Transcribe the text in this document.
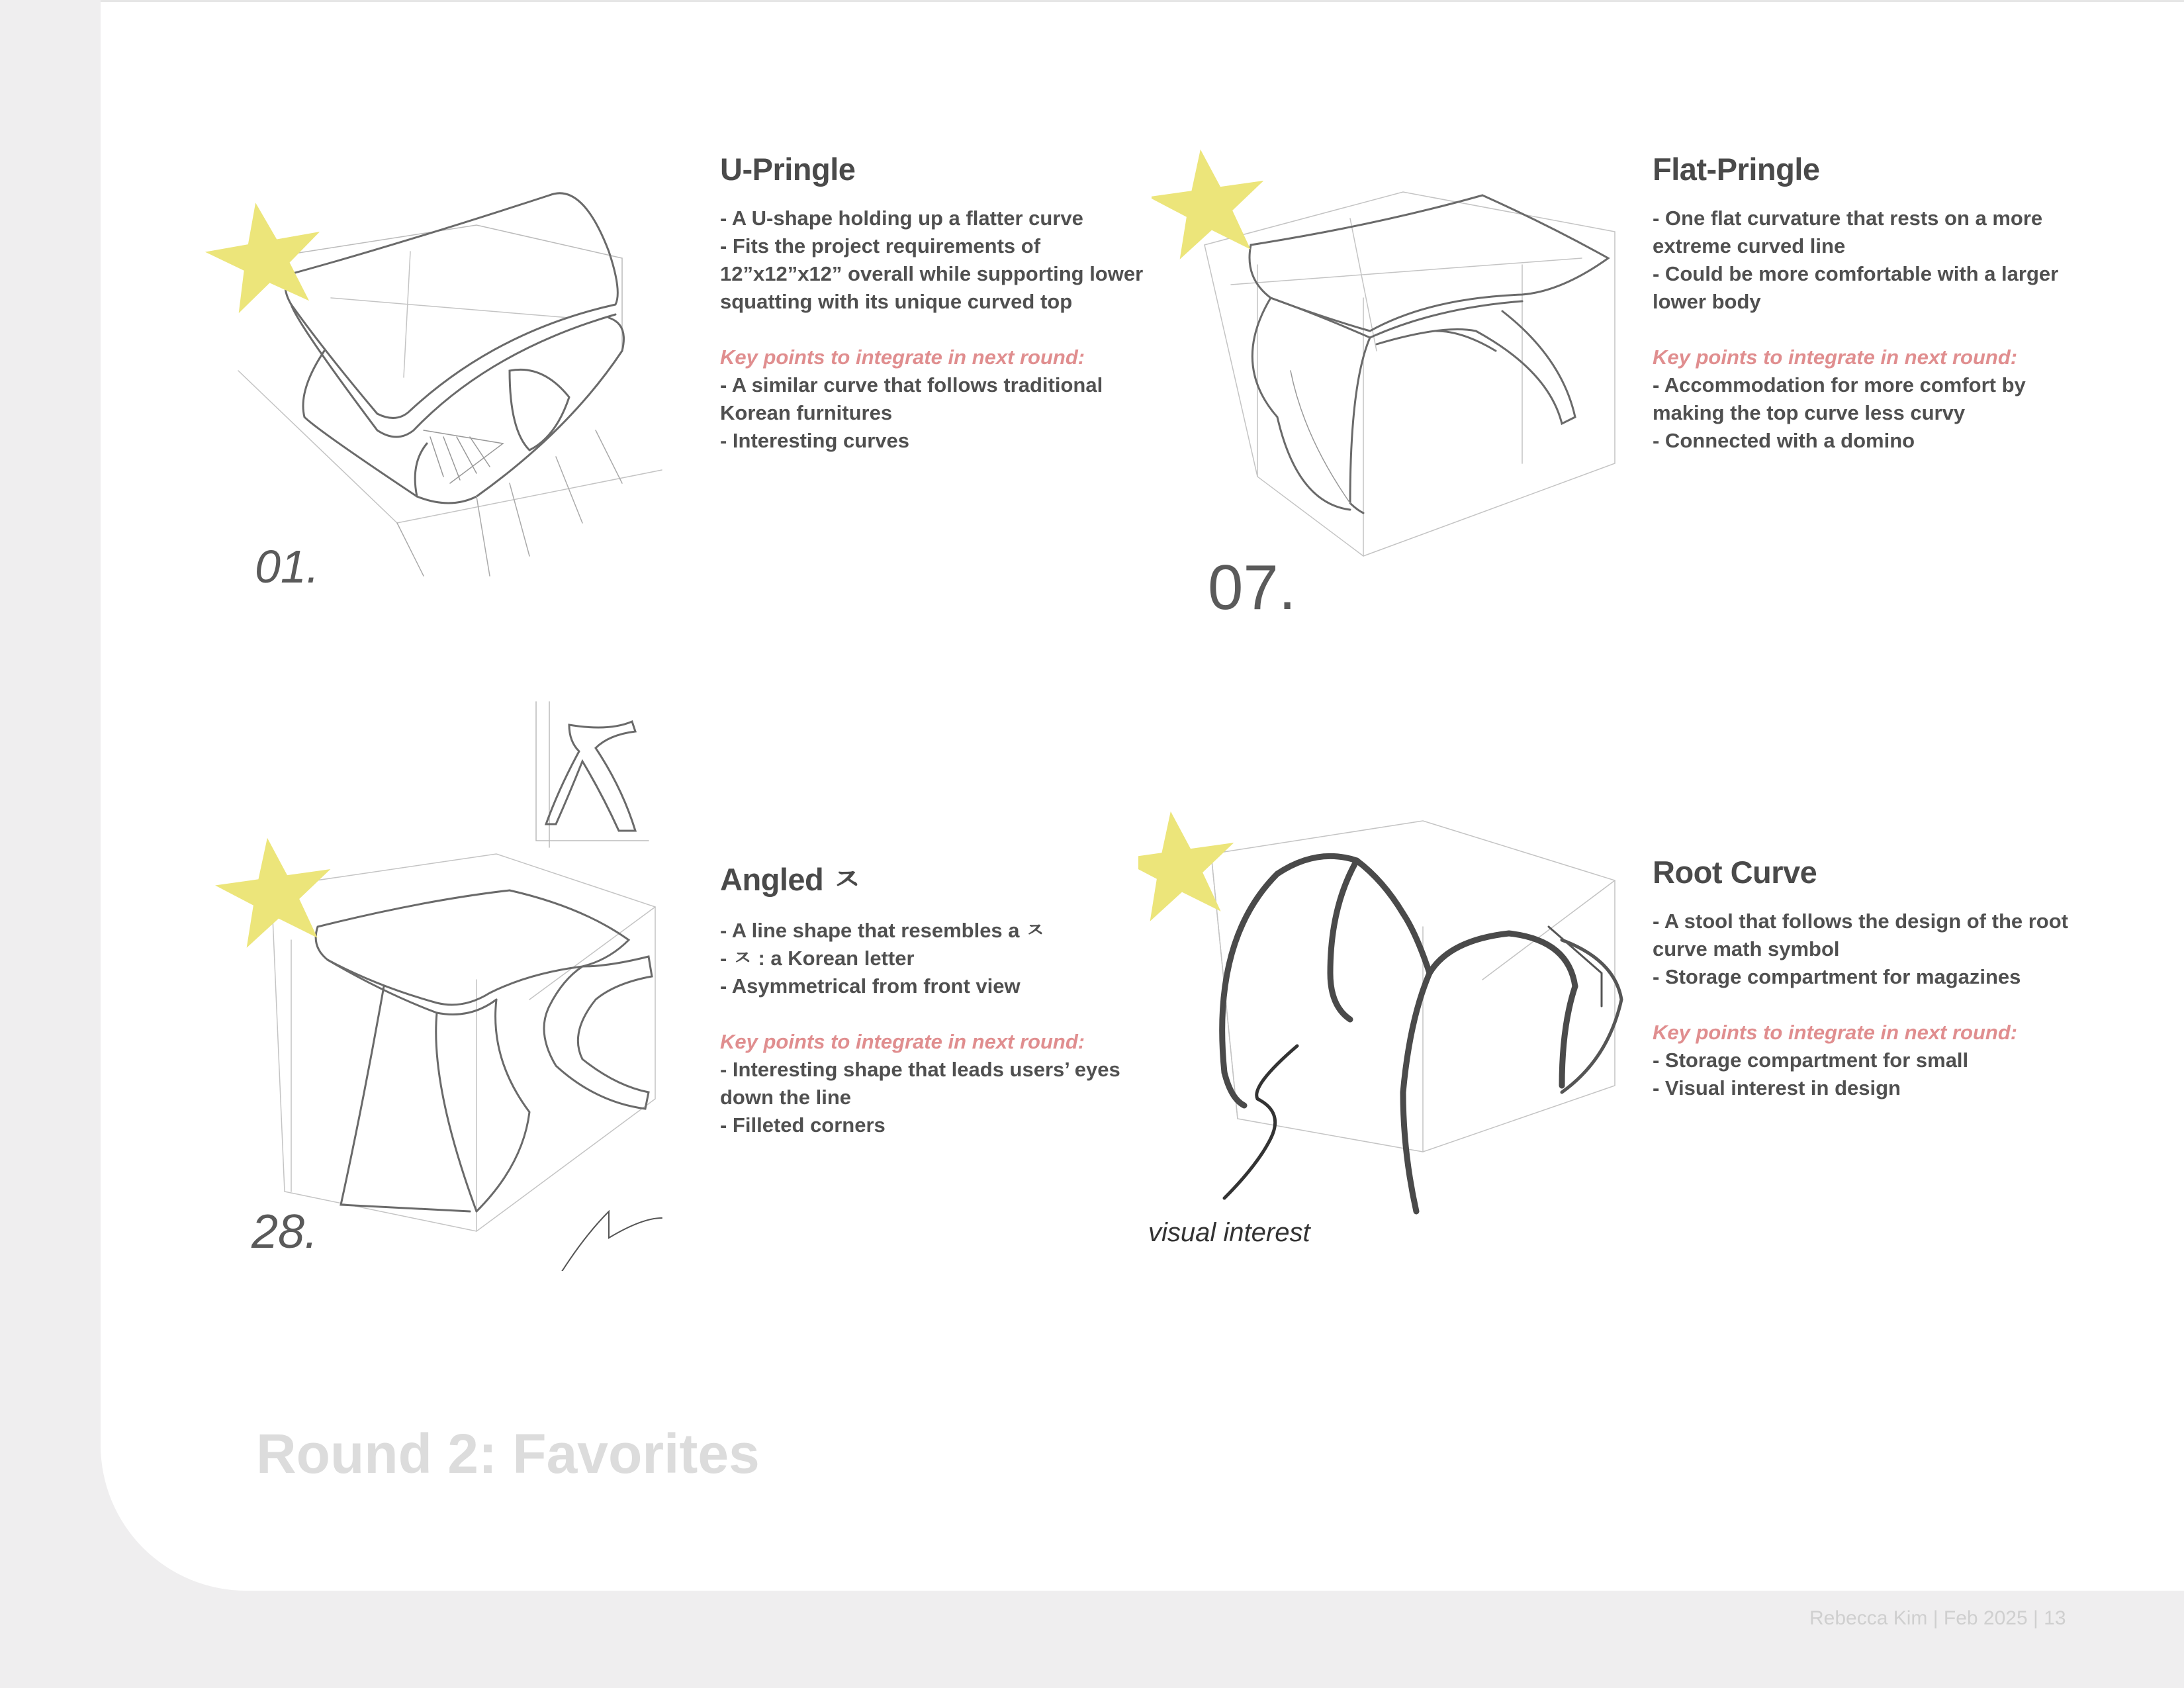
01.
U-Pringle
- A U-shape holding up a flatter curve
- Fits the project requirements of
12”x12”x12” overall while supporting lower
squatting with its unique curved top
Key points to integrate in next round:
- A similar curve that follows traditional
Korean furnitures
- Interesting curves
07.
Flat-Pringle
- One flat curvature that rests on a more
extreme curved line
- Could be more comfortable with a larger
lower body
Key points to integrate in next round:
- Accommodation for more comfort by
making the top curve less curvy
- Connected with a domino
28.
Angled ㅈ
- A line shape that resembles a ㅈ
- ㅈ : a Korean letter
- Asymmetrical from front view
Key points to integrate in next round:
- Interesting shape that leads users’ eyes
down the line
- Filleted corners
visual interest
Root Curve
- A stool that follows the design of the root
curve math symbol
- Storage compartment for magazines
Key points to integrate in next round:
- Storage compartment for small
- Visual interest in design
Round 2: Favorites
Rebecca Kim | Feb 2025 | 13
